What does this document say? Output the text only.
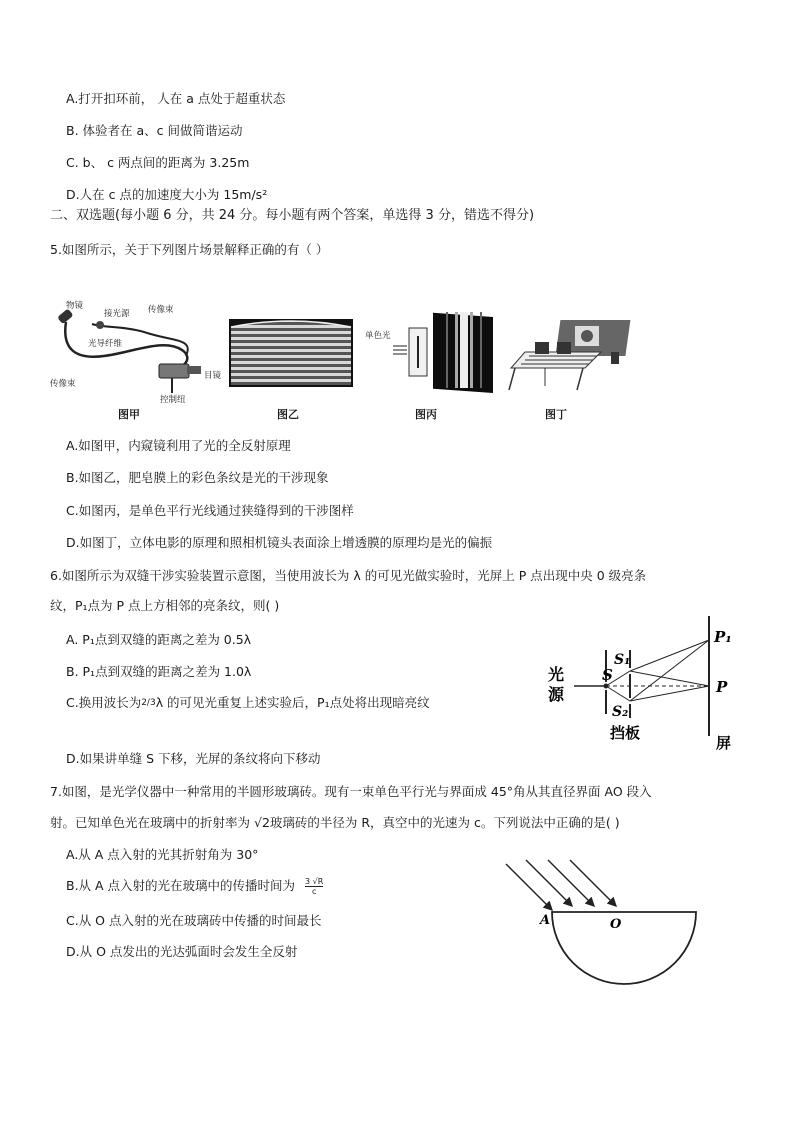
A.打开扣环前， 人在 a 点处于超重状态
B. 体验者在 a、c 间做简谐运动
C. b、 c 两点间的距离为 3.25m
D.人在 c 点的加速度大小为 15m/s²
二、双选题(每小题 6 分，共 24 分。每小题有两个答案，单选得 3 分，错选不得分)
5.如图所示，关于下列图片场景解释正确的有（ ）
物镜
接光源 传像束
光导纤维
传像束
目镜
控制纽
图甲	图乙
单色光
图丙	图丁
A.如图甲，内窥镜利用了光的全反射原理
B.如图乙，肥皂膜上的彩色条纹是光的干涉现象
C.如图丙，是单色平行光线通过狭缝得到的干涉图样
D.如图丁，立体电影的原理和照相机镜头表面涂上增透膜的原理均是光的偏振
6.如图所示为双缝干涉实验装置示意图，当使用波长为 λ 的可见光做实验时，光屏上 P 点出现中央 0 级亮条
纹，P₁点为 P 点上方相邻的亮条纹，则( )
A. P₁点到双缝的距离之差为 0.5λ
B. P₁点到双缝的距离之差为 1.0λ
C.换用波长为2/3λ 的可见光重复上述实验后，P₁点处将出现暗亮纹
D.如果讲单缝 S 下移，光屏的条纹将向下移动
光
源
S
S₁
S₂
挡板
P₁
P
屏
7.如图，是光学仪器中一种常用的半圆形玻璃砖。现有一束单色平行光与界面成 45°角从其直径界面 AO 段入
射。已知单色光在玻璃中的折射率为 √2玻璃砖的半径为 R，真空中的光速为 c。下列说法中正确的是( )
A.从 A 点入射的光其折射角为 30°
B.从 A 点入射的光在玻璃中的传播时间为 $\frac{3 √R}{c}$
C.从 O 点入射的光在玻璃砖中传播的时间最长
D.从 O 点发出的光达弧面时会发生全反射
A	O
